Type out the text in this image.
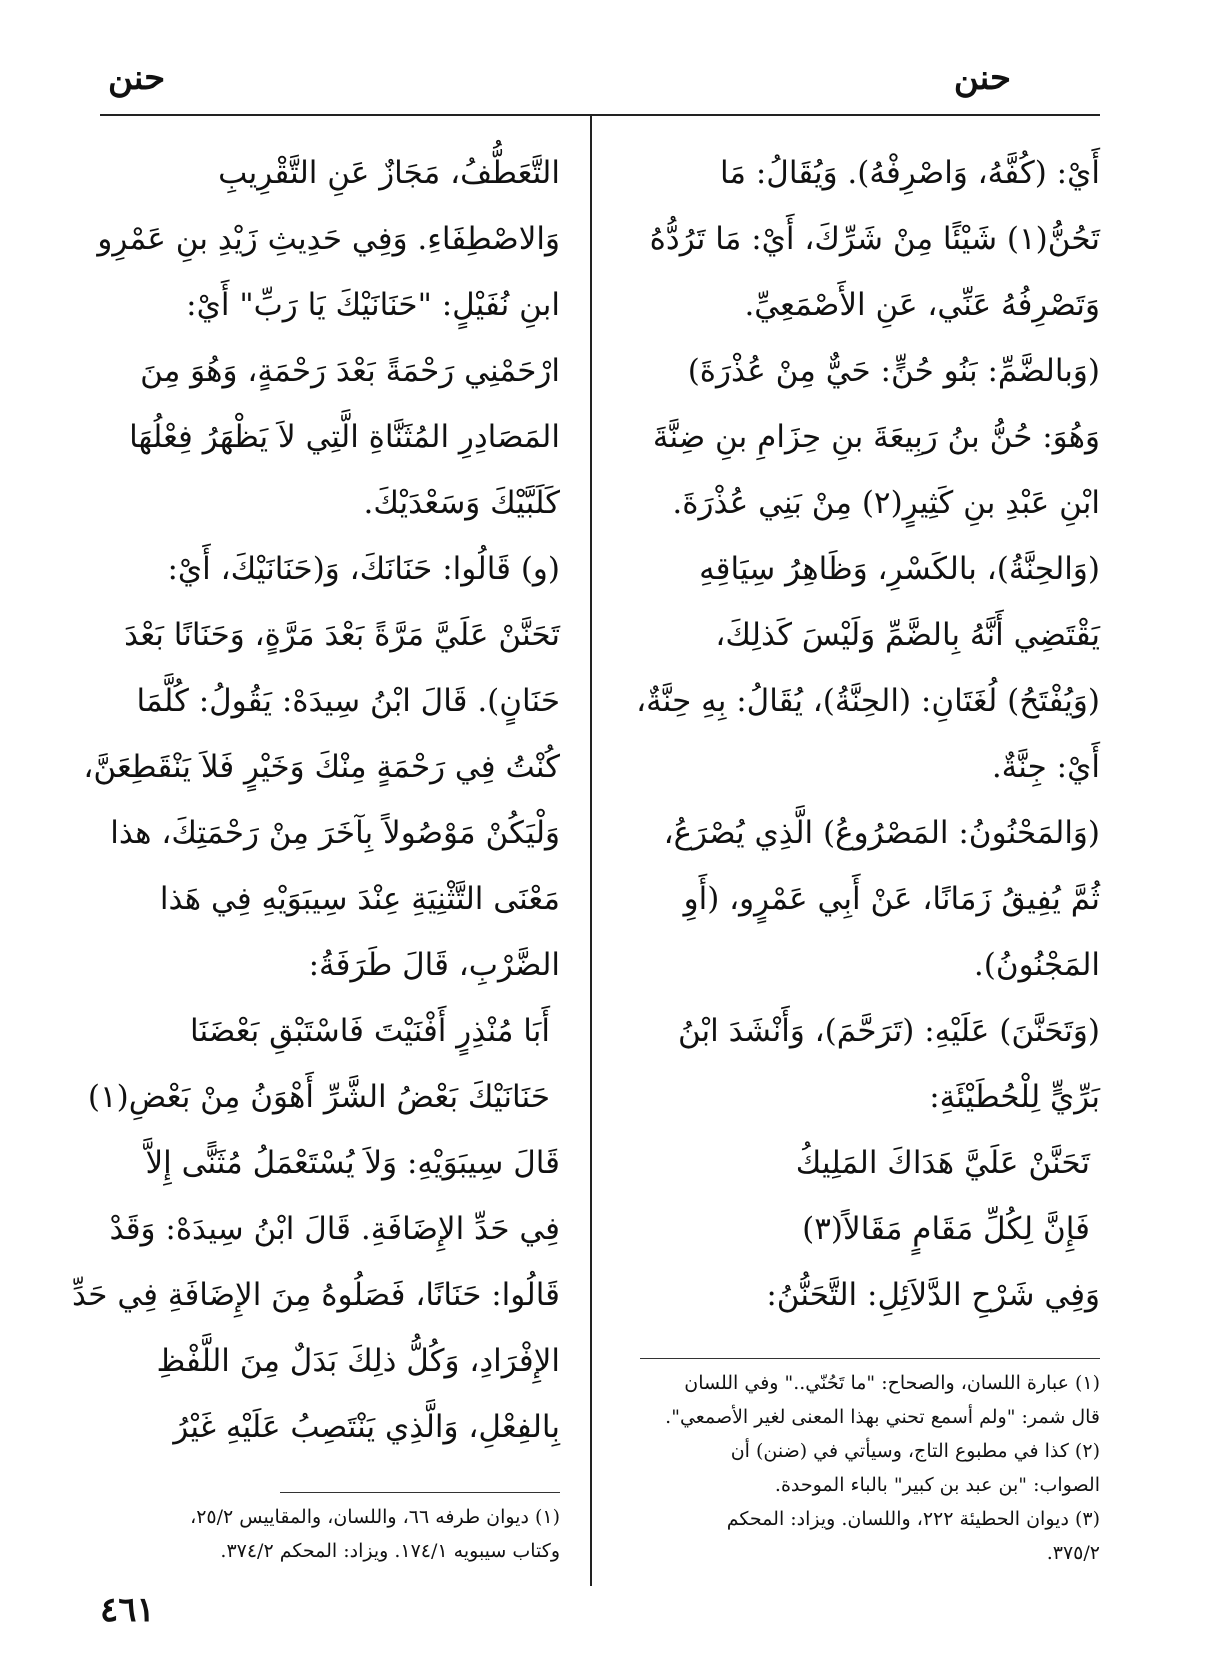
حنن
حنن
أَيْ: (كُفَّهُ، وَاصْرِفْهُ). وَيُقَالُ: مَا
تَحُنُّ(١) شَيْئًا مِنْ شَرِّكَ، أَيْ: مَا تَرُدُّهُ
وَتَصْرِفُهُ عَنِّي، عَنِ الأَصْمَعِيِّ.
(وَبالضَّمِّ: بَنُو حُنٍّ: حَيٌّ مِنْ عُذْرَةَ)
وَهُوَ: حُنُّ بنُ رَبِيعَةَ بنِ حِزَامِ بنِ ضِنَّةَ
ابْنِ عَبْدِ بنِ كَثِيرٍ(٢) مِنْ بَنِي عُذْرَةَ.
(وَالحِنَّةُ)، بالكَسْرِ، وَظَاهِرُ سِيَاقِهِ
يَقْتَضِي أَنَّهُ بِالضَّمِّ وَلَيْسَ كَذلِكَ،
(وَيُفْتَحُ) لُغَتَانِ: (الحِنَّةُ)، يُقَالُ: بِهِ حِنَّةٌ،
أَيْ: جِنَّةٌ.
(وَالمَحْنُونُ: المَصْرُوعُ) الَّذِي يُصْرَعُ،
ثُمَّ يُفِيقُ زَمَانًا، عَنْ أَبِي عَمْرٍو، (أَوِ
المَجْنُونُ).
(وَتَحَنَّنَ) عَلَيْهِ: (تَرَحَّمَ)، وَأَنْشَدَ ابْنُ
بَرِّيٍّ لِلْحُطَيْئَةِ:
تَحَنَّنْ عَلَيَّ هَدَاكَ المَلِيكُ
فَإِنَّ لِكُلِّ مَقَامٍ مَقَالاً(٣)
وَفِي شَرْحِ الدَّلاَئِلِ: التَّحَنُّنُ:
التَّعَطُّفُ، مَجَازٌ عَنِ التَّقْرِيبِ
وَالاصْطِفَاءِ. وَفِي حَدِيثِ زَيْدِ بنِ عَمْرِو
ابنِ نُفَيْلٍ: "حَنَانَيْكَ يَا رَبِّ" أَيْ:
ارْحَمْنِي رَحْمَةً بَعْدَ رَحْمَةٍ، وَهُوَ مِنَ
المَصَادِرِ المُثَنَّاةِ الَّتِي لاَ يَظْهَرُ فِعْلُهَا
كَلَبَّيْكَ وَسَعْدَيْكَ.
(و) قَالُوا: حَنَانَكَ، وَ(حَنَانَيْكَ، أَيْ:
تَحَنَّنْ عَلَيَّ مَرَّةً بَعْدَ مَرَّةٍ، وَحَنَانًا بَعْدَ
حَنَانٍ). قَالَ ابْنُ سِيدَهْ: يَقُولُ: كُلَّمَا
كُنْتُ فِي رَحْمَةٍ مِنْكَ وَخَيْرٍ فَلاَ يَنْقَطِعَنَّ،
وَلْيَكُنْ مَوْصُولاً بِآخَرَ مِنْ رَحْمَتِكَ، هذا
مَعْنَى التَّثْنِيَةِ عِنْدَ سِيبَوَيْهِ فِي هَذا
الضَّرْبِ، قَالَ طَرَفَةُ:
أَبَا مُنْذِرٍ أَفْنَيْتَ فَاسْتَبْقِ بَعْضَنَا
حَنَانَيْكَ بَعْضُ الشَّرِّ أَهْوَنُ مِنْ بَعْضِ(١)
قَالَ سِيبَوَيْهِ: وَلاَ يُسْتَعْمَلُ مُثَنًّى إِلاَّ
فِي حَدِّ الإِضَافَةِ. قَالَ ابْنُ سِيدَهْ: وَقَدْ
قَالُوا: حَنَانًا، فَصَلُوهُ مِنَ الإِضَافَةِ فِي حَدِّ
الإِفْرَادِ، وَكُلُّ ذلِكَ بَدَلٌ مِنَ اللَّفْظِ
بِالفِعْلِ، وَالَّذِي يَنْتَصِبُ عَلَيْهِ غَيْرُ
(١) عبارة اللسان، والصحاح: "ما تَحُنّي.." وفي اللسان
قال شمر: "ولم أسمع تحني بهذا المعنى لغير الأصمعي".
(٢) كذا في مطبوع التاج، وسيأتي في (ضنن) أن
الصواب: "بن عبد بن كبير" بالباء الموحدة.
(٣) ديوان الحطيئة ٢٢٢، واللسان. ويزاد: المحكم
٣٧٥/٢.
(١) ديوان طرفه ٦٦، واللسان، والمقاييس ٢٥/٢،
وكتاب سيبويه ١٧٤/١. ويزاد: المحكم ٣٧٤/٢.
٤٦١
